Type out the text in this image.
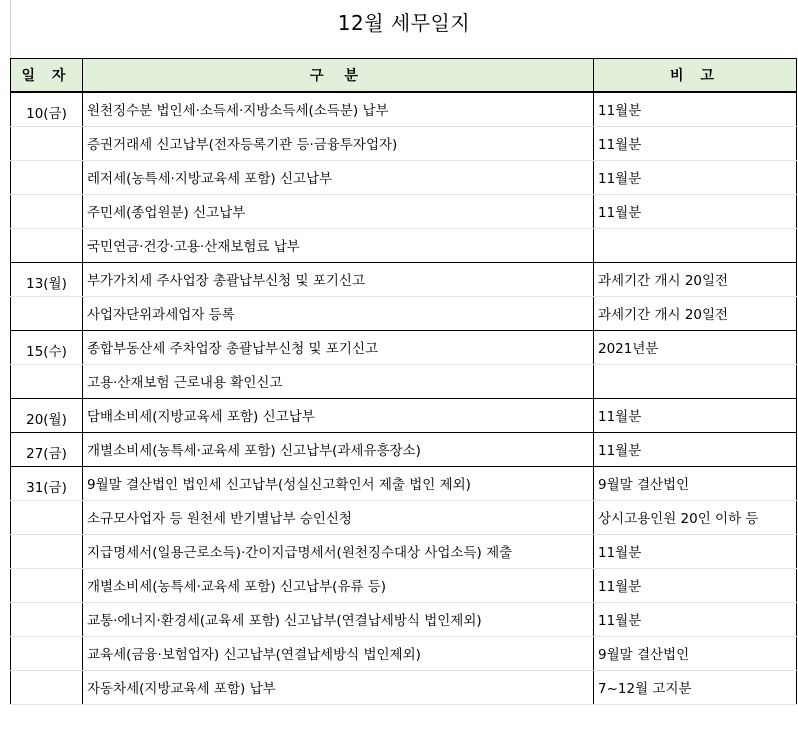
12월 세무일지
일 자	구 분	비 고
10(금)	원천징수분 법인세·소득세·지방소득세(소득분) 납부	11월분
	증권거래세 신고납부(전자등록기관 등·금융투자업자)	11월분
	레저세(농특세·지방교육세 포함) 신고납부	11월분
	주민세(종업원분) 신고납부	11월분
	국민연금·건강·고용·산재보험료 납부	
13(월)	부가가치세 주사업장 총괄납부신청 및 포기신고	과세기간 개시 20일전
	사업자단위과세업자 등록	과세기간 개시 20일전
15(수)	종합부동산세 주차업장 총괄납부신청 및 포기신고	2021년분
	고용·산재보험 근로내용 확인신고	
20(월)	담배소비세(지방교육세 포함) 신고납부	11월분
27(금)	개별소비세(농특세·교육세 포함) 신고납부(과세유흥장소)	11월분
31(금)	9월말 결산법인 법인세 신고납부(성실신고확인서 제출 법인 제외)	9월말 결산법인
	소규모사업자 등 원천세 반기별납부 승인신청	상시고용인원 20인 이하 등
	지급명세서(일용근로소득)·간이지급명세서(원천징수대상 사업소득) 제출	11월분
	개별소비세(농특세·교육세 포함) 신고납부(유류 등)	11월분
	교통·에너지·환경세(교육세 포함) 신고납부(연결납세방식 법인제외)	11월분
	교육세(금융·보험업자) 신고납부(연결납세방식 법인제외)	9월말 결산법인
	자동차세(지방교육세 포함) 납부	7~12월 고지분
